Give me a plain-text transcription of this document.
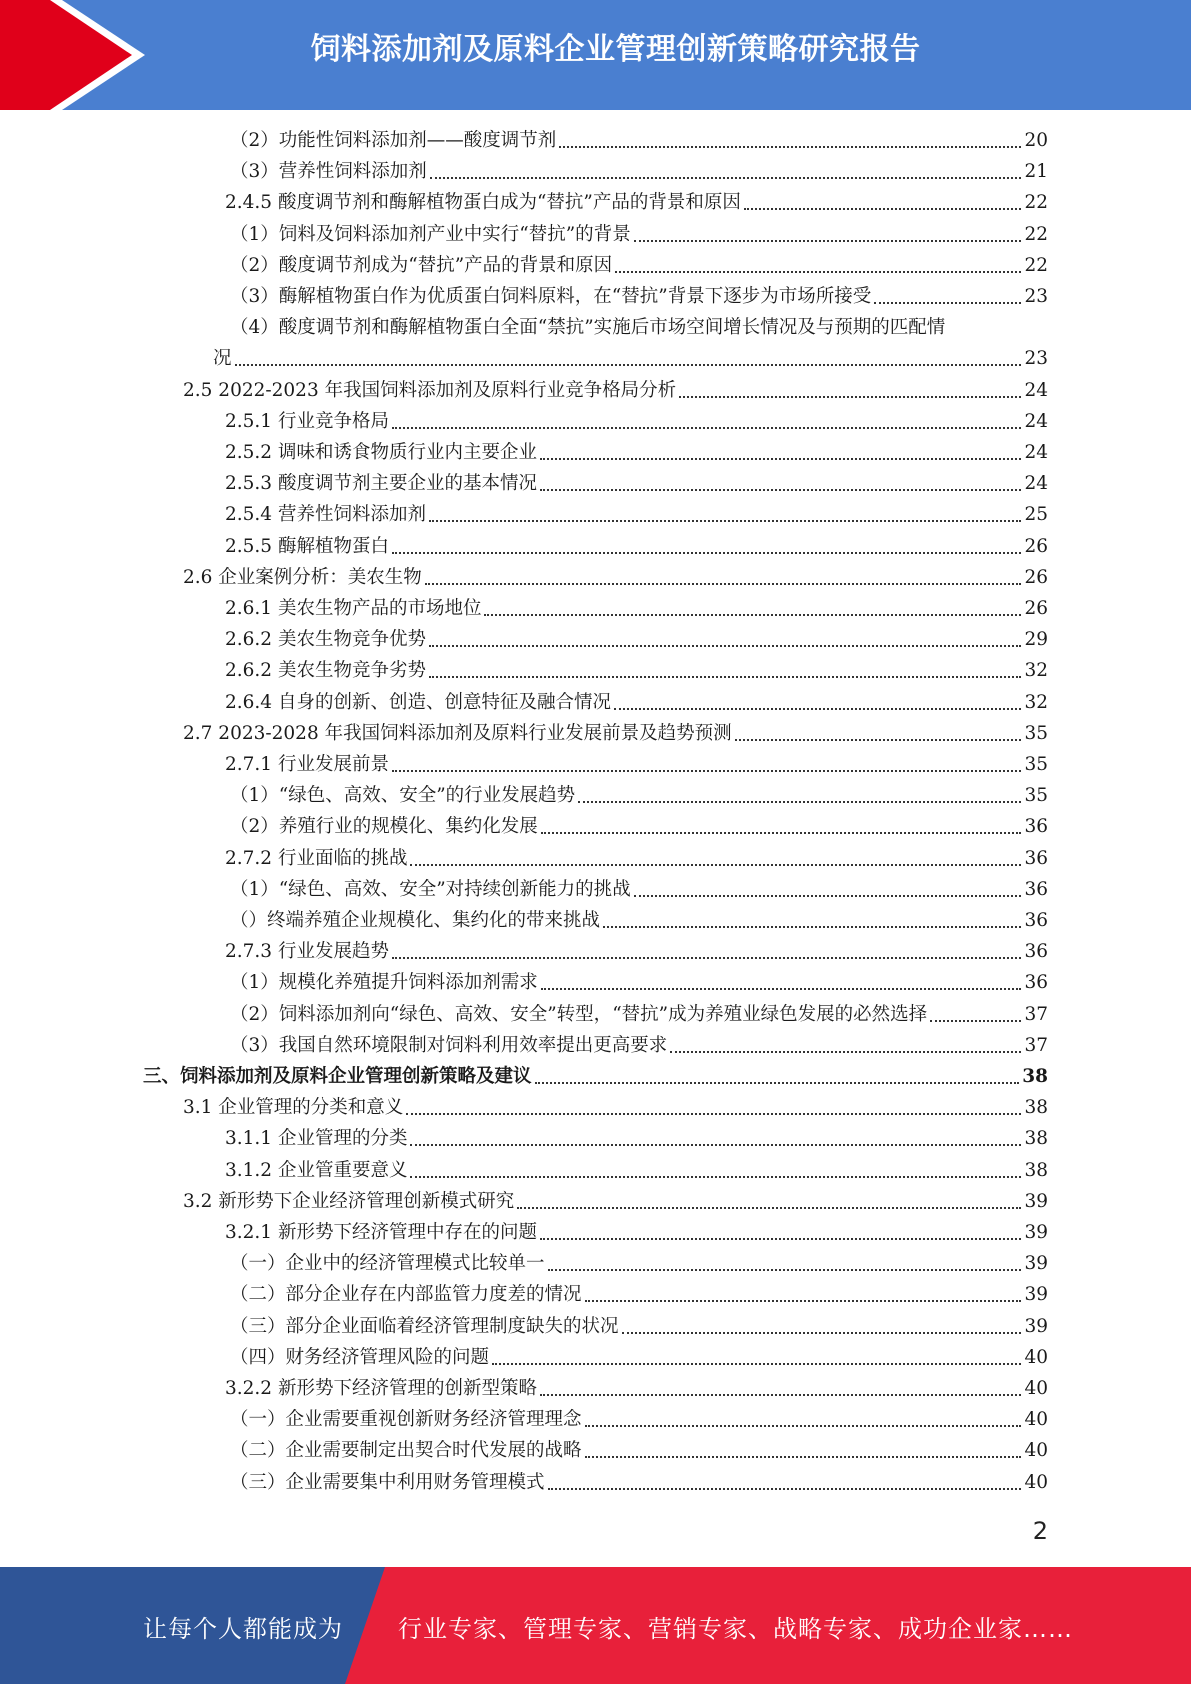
饲料添加剂及原料企业管理创新策略研究报告
（2）功能性饲料添加剂——酸度调节剂	20
（3）营养性饲料添加剂	21
2.4.5 酸度调节剂和酶解植物蛋白成为“替抗”产品的背景和原因	22
（1）饲料及饲料添加剂产业中实行“替抗”的背景	22
（2）酸度调节剂成为“替抗”产品的背景和原因	22
（3）酶解植物蛋白作为优质蛋白饲料原料，在“替抗”背景下逐步为市场所接受	23
（4）酸度调节剂和酶解植物蛋白全面“禁抗”实施后市场空间增长情况及与预期的匹配情
况	23
2.5 2022-2023 年我国饲料添加剂及原料行业竞争格局分析	24
2.5.1 行业竞争格局	24
2.5.2 调味和诱食物质行业内主要企业	24
2.5.3 酸度调节剂主要企业的基本情况	24
2.5.4 营养性饲料添加剂	25
2.5.5 酶解植物蛋白	26
2.6 企业案例分析：美农生物	26
2.6.1 美农生物产品的市场地位	26
2.6.2 美农生物竞争优势	29
2.6.2 美农生物竞争劣势	32
2.6.4 自身的创新、创造、创意特征及融合情况	32
2.7 2023-2028 年我国饲料添加剂及原料行业发展前景及趋势预测	35
2.7.1 行业发展前景	35
（1）“绿色、高效、安全”的行业发展趋势	35
（2）养殖行业的规模化、集约化发展	36
2.7.2 行业面临的挑战	36
（1）“绿色、高效、安全”对持续创新能力的挑战	36
（）终端养殖企业规模化、集约化的带来挑战	36
2.7.3 行业发展趋势	36
（1）规模化养殖提升饲料添加剂需求	36
（2）饲料添加剂向“绿色、高效、安全”转型，“替抗”成为养殖业绿色发展的必然选择	37
（3）我国自然环境限制对饲料利用效率提出更高要求	37
三、饲料添加剂及原料企业管理创新策略及建议	38
3.1 企业管理的分类和意义	38
3.1.1 企业管理的分类	38
3.1.2 企业管重要意义	38
3.2 新形势下企业经济管理创新模式研究	39
3.2.1 新形势下经济管理中存在的问题	39
（一）企业中的经济管理模式比较单一	39
（二）部分企业存在内部监管力度差的情况	39
（三）部分企业面临着经济管理制度缺失的状况	39
（四）财务经济管理风险的问题	40
3.2.2 新形势下经济管理的创新型策略	40
（一）企业需要重视创新财务经济管理理念	40
（二）企业需要制定出契合时代发展的战略	40
（三）企业需要集中利用财务管理模式	40
2
让每个人都能成为 行业专家、管理专家、营销专家、战略专家、成功企业家……
